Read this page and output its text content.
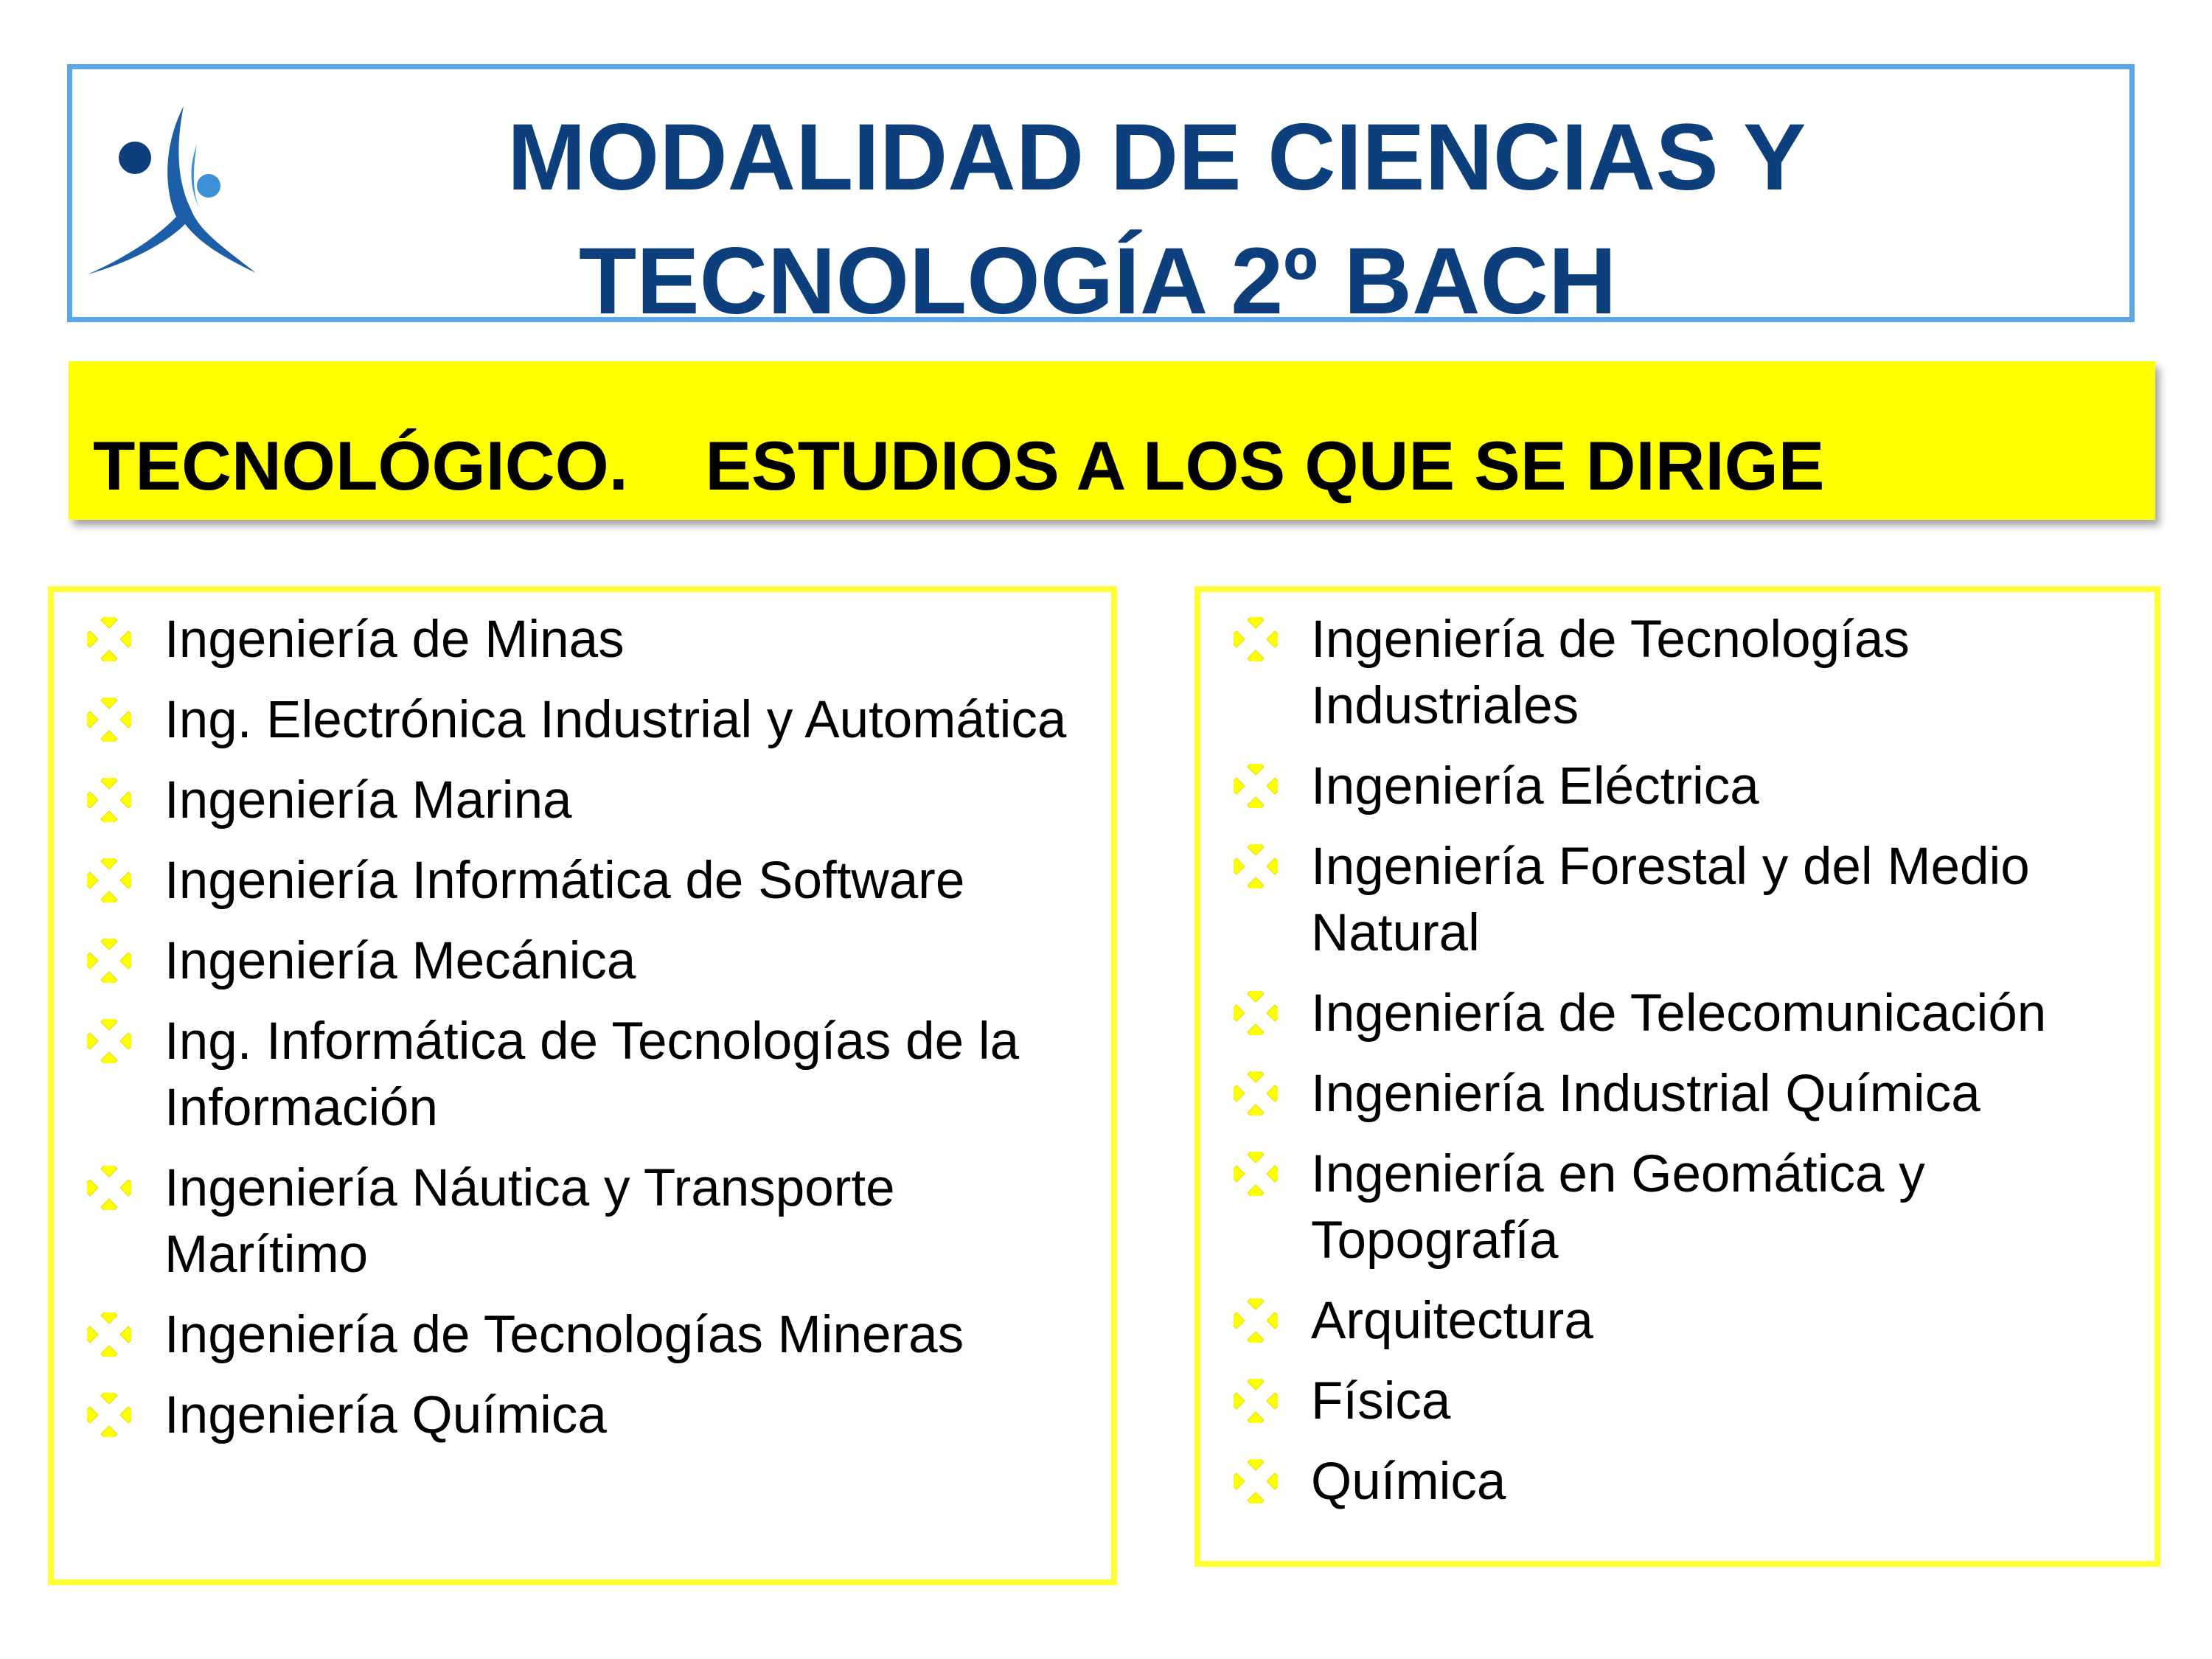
MODALIDAD DE CIENCIAS Y
TECNOLOGÍA 2º BACH
TECNOLÓGICO.    ESTUDIOS A LOS QUE SE DIRIGE
Ingeniería de Minas
Ing. Electrónica Industrial y Automática
Ingeniería Marina
Ingeniería Informática de Software
Ingeniería Mecánica
Ing. Informática de Tecnologías de la Información
Ingeniería Náutica y Transporte Marítimo
Ingeniería de Tecnologías Mineras
Ingeniería Química
Ingeniería de Tecnologías Industriales
Ingeniería Eléctrica
Ingeniería Forestal y del Medio Natural
Ingeniería de Telecomunicación
Ingeniería Industrial Química
Ingeniería en Geomática y Topografía
Arquitectura
Física
Química
